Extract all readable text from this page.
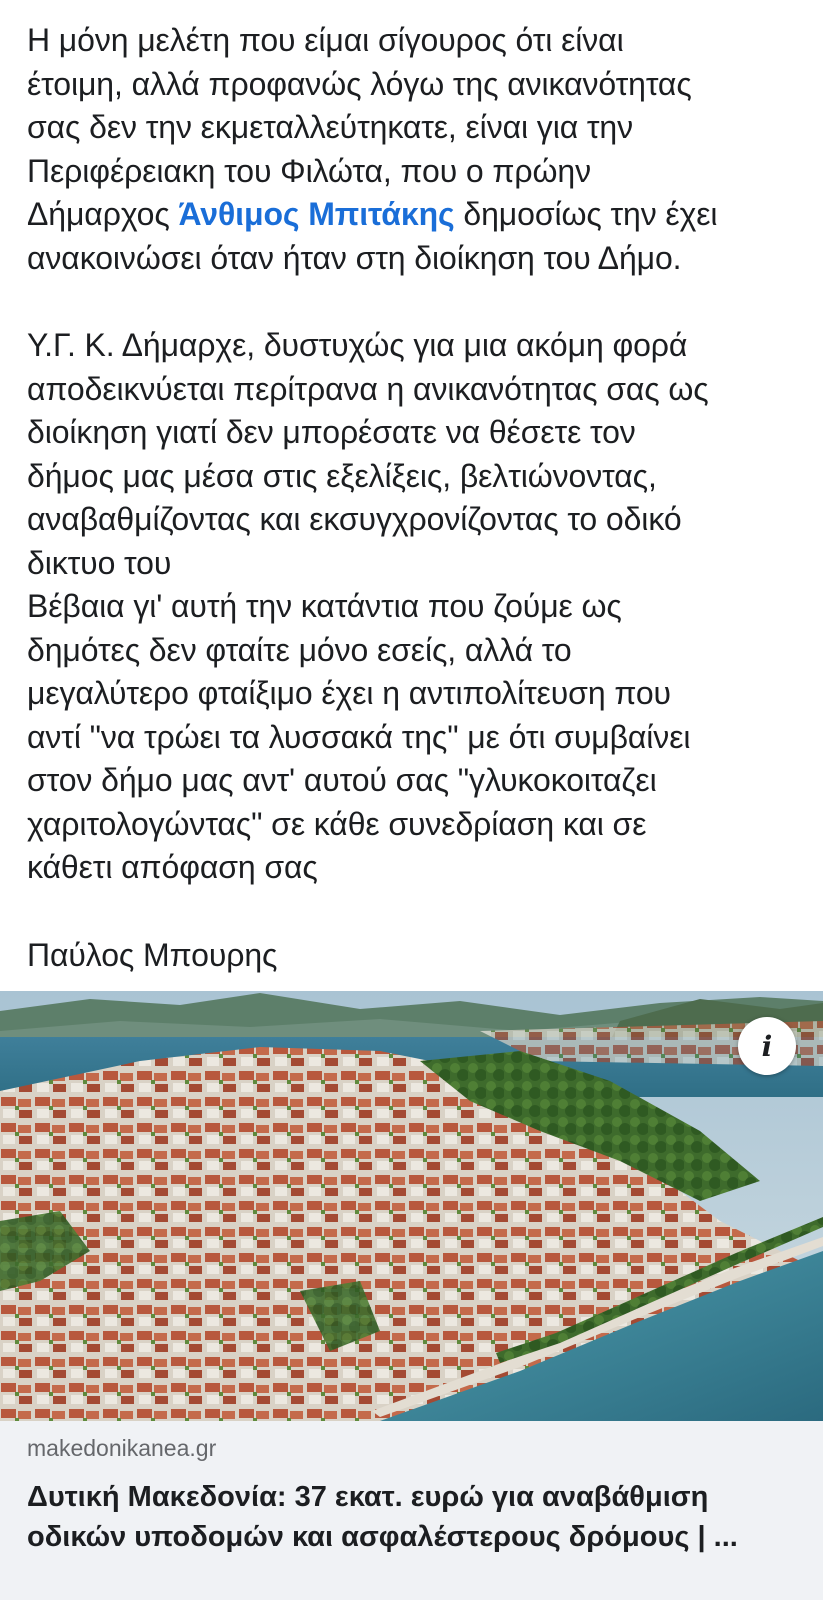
Η μόνη μελέτη που είμαι σίγουρος ότι είναι

έτοιμη, αλλά προφανώς λόγω της ανικανότητας

σας δεν την εκμεταλλεύτηκατε, είναι για την

Περιφέρειακη του Φιλώτα, που ο πρώην

Δήμαρχος Άνθιμος Μπιτάκης δημοσίως την έχει

ανακοινώσει όταν ήταν στη διοίκηση του Δήμο.

Υ.Γ. Κ. Δήμαρχε, δυστυχώς για μια ακόμη φορά

αποδεικνύεται περίτρανα η ανικανότητας σας ως

διοίκηση γιατί δεν μπορέσατε να θέσετε τον

δήμος μας μέσα στις εξελίξεις, βελτιώνοντας,

αναβαθμίζοντας και εκσυγχρονίζοντας το οδικό

δικτυο του

Βέβαια γι' αυτή την κατάντια που ζούμε ως

δημότες δεν φταίτε μόνο εσείς, αλλά το

μεγαλύτερο φταίξιμο έχει η αντιπολίτευση που

αντί "να τρώει τα λυσσακά της" με ότι συμβαίνει

στον δήμο μας αντ' αυτού σας "γλυκοκοιταζει

χαριτολογώντας" σε κάθε συνεδρίαση και σε

κάθετι απόφαση σας

Παύλος Μπουρης

i
makedonikanea.gr
Δυτική Μακεδονία: 37 εκατ. ευρώ για αναβάθμιση
οδικών υποδομών και ασφαλέστερους δρόμους | ...
